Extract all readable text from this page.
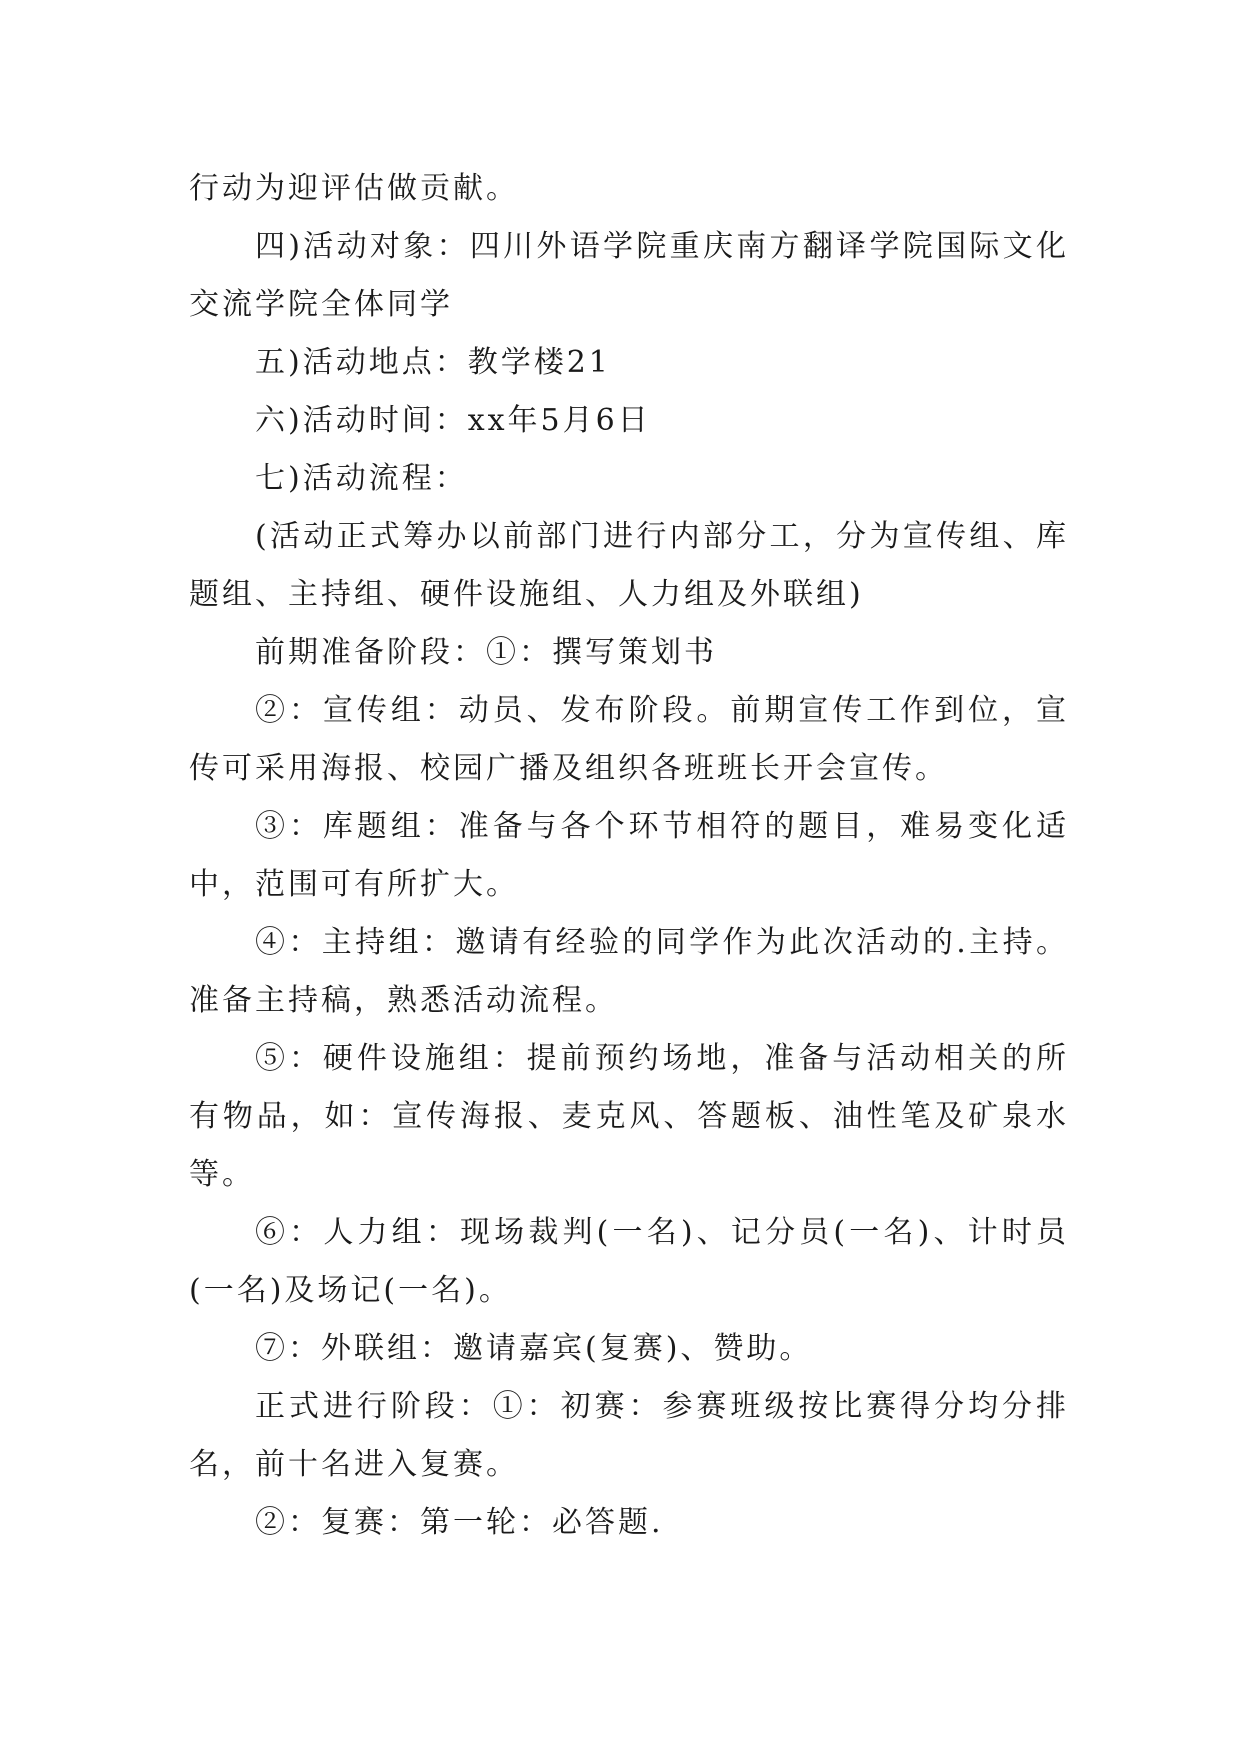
行动为迎评估做贡献。

四)活动对象：四川外语学院重庆南方翻译学院国际文化交流学院全体同学

五)活动地点：教学楼21

六)活动时间：xx年5月6日

七)活动流程：

(活动正式筹办以前部门进行内部分工，分为宣传组、库题组、主持组、硬件设施组、人力组及外联组)

前期准备阶段：①：撰写策划书

②：宣传组：动员、发布阶段。前期宣传工作到位，宣传可采用海报、校园广播及组织各班班长开会宣传。

③：库题组：准备与各个环节相符的题目，难易变化适中，范围可有所扩大。

④：主持组：邀请有经验的同学作为此次活动的.主持。准备主持稿，熟悉活动流程。

⑤：硬件设施组：提前预约场地，准备与活动相关的所有物品，如：宣传海报、麦克风、答题板、油性笔及矿泉水等。

⑥：人力组：现场裁判(一名)、记分员(一名)、计时员(一名)及场记(一名)。

⑦：外联组：邀请嘉宾(复赛)、赞助。

正式进行阶段：①：初赛：参赛班级按比赛得分均分排名，前十名进入复赛。

②：复赛：第一轮：必答题.
